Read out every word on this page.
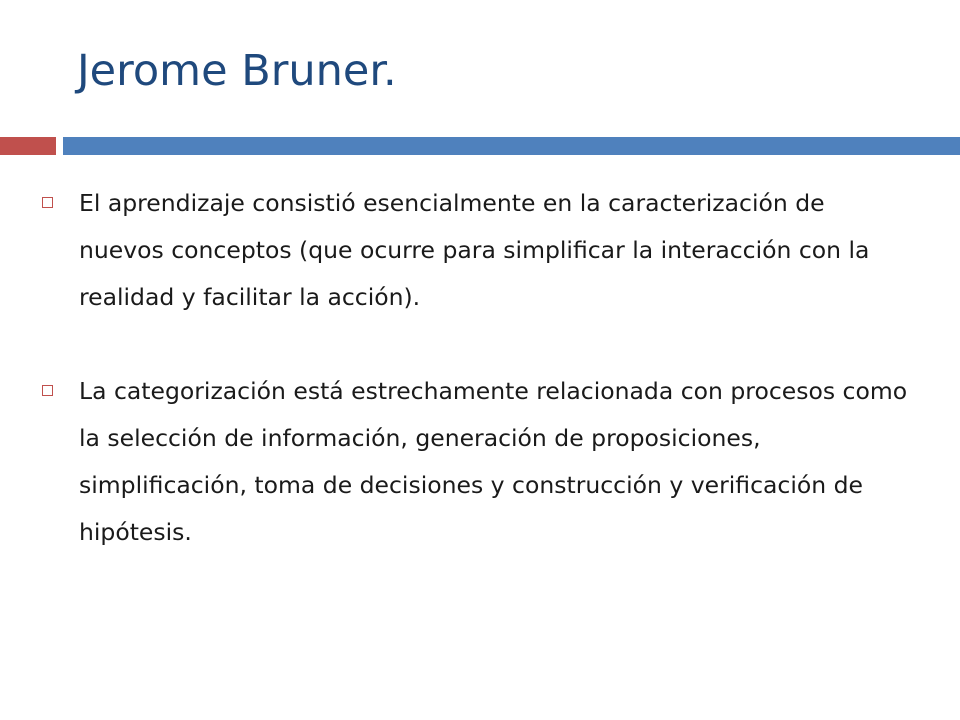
Jerome Bruner.
El aprendizaje consistió esencialmente en la caracterización de nuevos conceptos (que ocurre para simplificar la interacción con la realidad y facilitar la acción).
La categorización está estrechamente relacionada con procesos como la selección de información, generación de proposiciones, simplificación, toma de decisiones y construcción y verificación de hipótesis.
